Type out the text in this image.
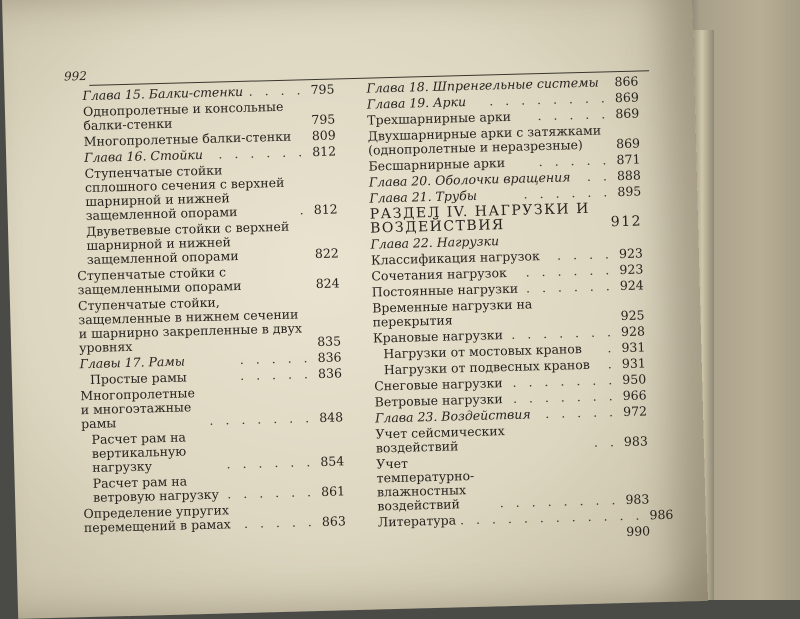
992
Глава 15. Балки-стенки . . . . 795
Однопролетные и консольные балки-стенки	795
Многопролетные балки-стенки	809
Глава 16. Стойки	. . . . . . 812
Ступенчатые стойки сплошного сечения с верхней шарнирной и нижней защемленной опорами	. 812
Двуветвевые стойки с верхней шарнирной и нижней защемленной опорами	822
Ступенчатые стойки с защемленными опорами	824
Ступенчатые стойки, защемленные в нижнем сечении и шарнирно закрепленные в двух уровнях	835
Главы 17. Рамы	. . . . . 836
Простые рамы	. . . . . 836
Многопролетные и многоэтажные рамы	. . . . . . . 848
Расчет рам на вертикальную нагрузку	. . . . . . 854
Расчет рам на ветровую нагрузку . . . . . . 861
Определение упругих перемещений в рамах	. . . . . 863
Глава 18. Шпренгельные системы	866
Глава 19. Арки	. . . . . . . . 869
Трехшарнирные арки	. . . . . 869
Двухшарнирные арки с затяжками (однопролетные и неразрезные)	869
Бесшарнирные арки	. . . . . 871
Глава 20. Оболочки вращения	. . 888
Глава 21. Трубы	. . . . . . 895
РАЗДЕЛ IV. НАГРУЗКИ И ВОЗДЕЙСТВИЯ	912
Глава 22. Нагрузки
Классификация нагрузок	. . . . 923
Сочетания нагрузок	. . . . . . 923
Постоянные нагрузки . . . . . . 924
Временные нагрузки на перекрытия	925
Крановые нагрузки . . . . . . . 928
Нагрузки от мостовых кранов	. 931
Нагрузки от подвесных кранов	. 931
Снеговые нагрузки . . . . . . . 950
Ветровые нагрузки . . . . . . . 966
Глава 23. Воздействия	. . . . . 972
Учет сейсмических воздействий	. . 983
Учет температурно-влажностных воздействий	. . . . . . . . 983
Литература . . . . . . . . . . . . 986
990
